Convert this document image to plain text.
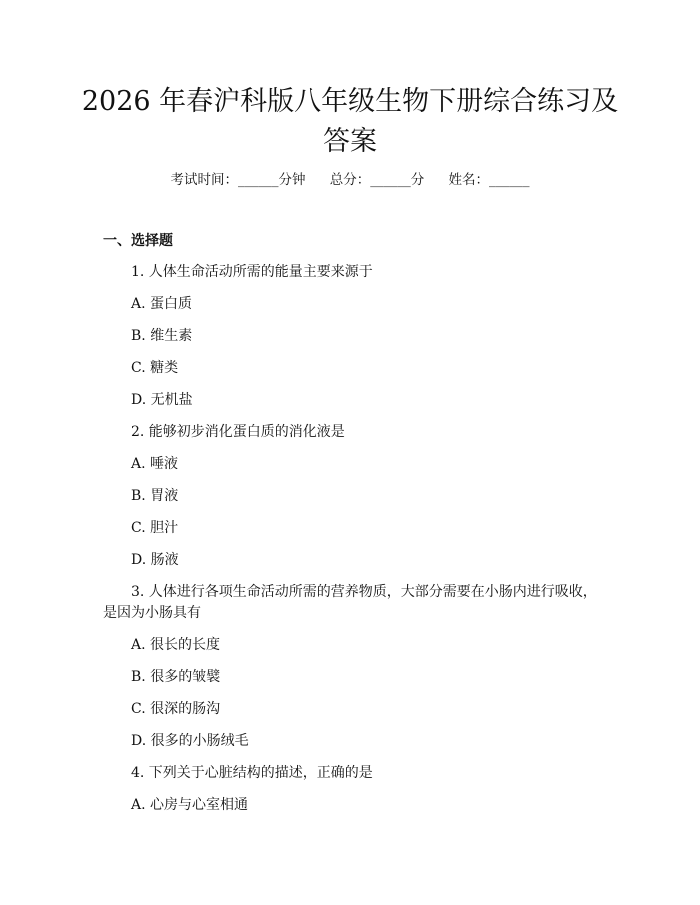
2026 年春沪科版八年级生物下册综合练习及
答案
考试时间：______分钟 总分：______分 姓名：______
一、选择题
1. 人体生命活动所需的能量主要来源于
A. 蛋白质
B. 维生素
C. 糖类
D. 无机盐
2. 能够初步消化蛋白质的消化液是
A. 唾液
B. 胃液
C. 胆汁
D. 肠液
3. 人体进行各项生命活动所需的营养物质，大部分需要在小肠内进行吸收，
是因为小肠具有
A. 很长的长度
B. 很多的皱襞
C. 很深的肠沟
D. 很多的小肠绒毛
4. 下列关于心脏结构的描述，正确的是
A. 心房与心室相通
